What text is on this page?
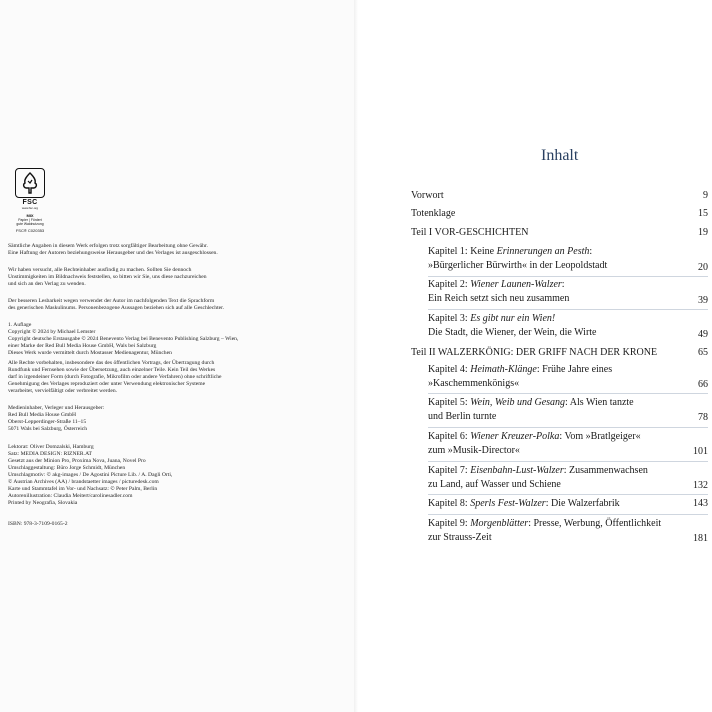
FSC
www.fsc.org
MIX
Papier | Fördert
gute Waldnutzung
FSC® C020353
Sämtliche Angaben in diesem Werk erfolgen trotz sorgfältiger Bearbeitung ohne Gewähr.
Eine Haftung der Autoren beziehungsweise Herausgeber und des Verlages ist ausgeschlossen.
Wir haben versucht, alle Rechteinhaber ausfindig zu machen. Sollten Sie dennoch
Unstimmigkeiten im Bildnachweis feststellen, so bitten wir Sie, uns diese nachzureichen
und sich an den Verlag zu wenden.
Der besseren Lesbarkeit wegen verwendet der Autor im nachfolgenden Text die Sprachform
des generischen Maskulinums. Personenbezogene Aussagen beziehen sich auf alle Geschlechter.
1. Auflage
Copyright © 2024 by Michael Lemster
Copyright deutsche Erstausgabe © 2024 Benevento Verlag bei Benevento Publishing Salzburg – Wien,
einer Marke der Red Bull Media House GmbH, Wals bei Salzburg
Dieses Werk wurde vermittelt durch Mostasser Medienagentur, München
Alle Rechte vorbehalten, insbesondere das des öffentlichen Vortrags, der Übertragung durch
Rundfunk und Fernsehen sowie der Übersetzung, auch einzelner Teile. Kein Teil des Werkes
darf in irgendeiner Form (durch Fotografie, Mikrofilm oder andere Verfahren) ohne schriftliche
Genehmigung des Verlages reproduziert oder unter Verwendung elektronischer Systeme
verarbeitet, vervielfältigt oder verbreitet werden.
Medieninhaber, Verleger und Herausgeber:
Red Bull Media House GmbH
Oberst-Lepperdinger-Straße 11–15
5071 Wals bei Salzburg, Österreich
Lektorat: Oliver Domzalski, Hamburg
Satz: MEDIA DESIGN: RIZNER.AT
Gesetzt aus der Minion Pro, Proxima Nova, Juana, Novel Pro
Umschlaggestaltung: Büro Jorge Schmidt, München
Umschlagmotiv: © akg-images / De Agostini Picture Lib. / A. Dagli Orti,
© Austrian Archives (AA) / brandstaetter images / picturedesk.com
Karte und Stammtafel im Vor- und Nachsatz: © Peter Palm, Berlin
Autorenillustration: Claudia Meitert/carolinesadler.com
Printed by Neografia, Slovakia
ISBN: 978-3-7109-0165-2
Inhalt
Vorwort	9
Totenklage	15
Teil I VOR-GESCHICHTEN	19
Kapitel 1: Keine Erinnerungen an Pesth:
»Bürgerlicher Bürwirth« in der Leopoldstadt	20
Kapitel 2: Wiener Launen-Walzer:
Ein Reich setzt sich neu zusammen	39
Kapitel 3: Es gibt nur ein Wien!
Die Stadt, die Wiener, der Wein, die Wirte	49
Teil II WALZERKÖNIG: DER GRIFF NACH DER KRONE	65
Kapitel 4: Heimath-Klänge: Frühe Jahre eines
»Kaschemmenkönigs«	66
Kapitel 5: Wein, Weib und Gesang: Als Wien tanzte
und Berlin turnte	78
Kapitel 6: Wiener Kreuzer-Polka: Vom »Bratlgeiger«
zum »Musik-Director«	101
Kapitel 7: Eisenbahn-Lust-Walzer: Zusammenwachsen
zu Land, auf Wasser und Schiene	132
Kapitel 8: Sperls Fest-Walzer: Die Walzerfabrik	143
Kapitel 9: Morgenblätter: Presse, Werbung, Öffentlichkeit
zur Strauss-Zeit	181
